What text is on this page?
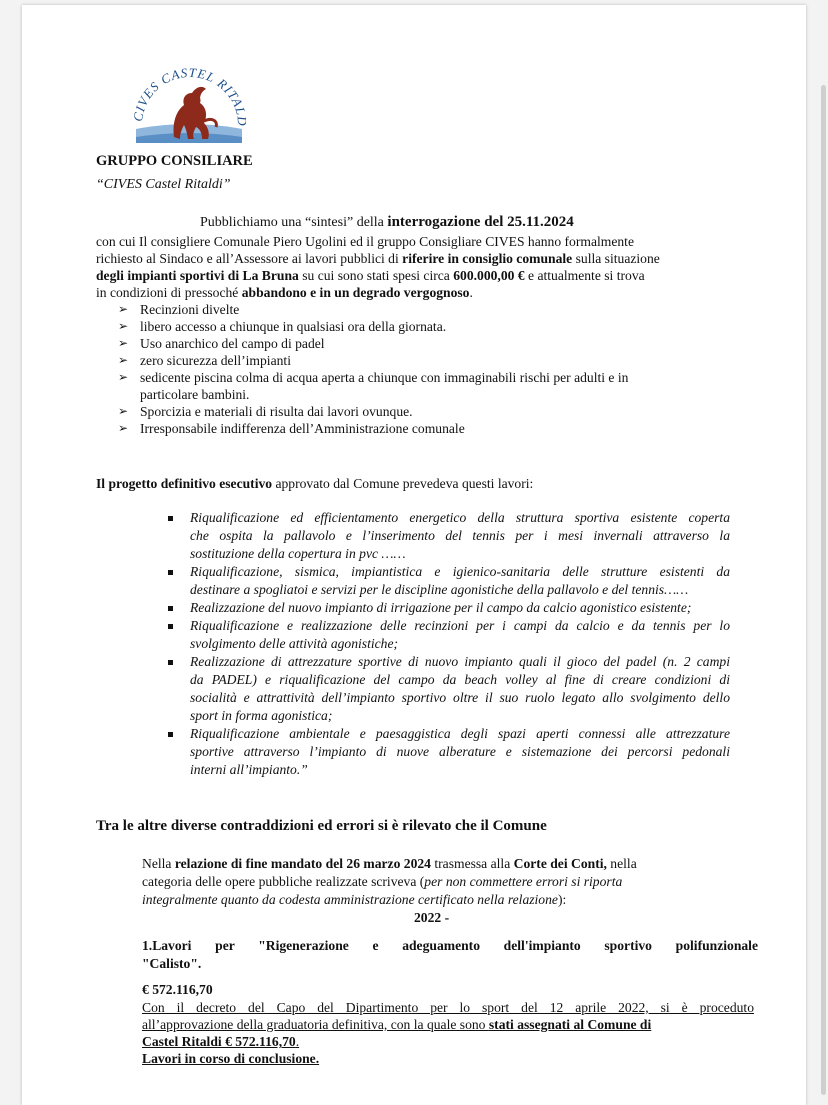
IVES CASTEL RITA
GRUPPO CONSILIARE
“CIVES Castel Ritaldi”
Pubblichiamo una “sintesi” della interrogazione del 25.11.2024
con cui Il consigliere Comunale Piero Ugolini ed il gruppo Consigliare CIVES hanno formalmente
richiesto al Sindaco e all’Assessore ai lavori pubblici di riferire in consiglio comunale sulla situazione
degli impianti sportivi di La Bruna su cui sono stati spesi circa 600.000,00 € e attualmente si trova
in condizioni di pressoché abbandono e in un degrado vergognoso.
➢ Recinzioni divelte
➢ libero accesso a chiunque in qualsiasi ora della giornata.
➢ Uso anarchico del campo di padel
➢ zero sicurezza dell’impianti
➢ sedicente piscina colma di acqua aperta a chiunque con immaginabili rischi per adulti e in
particolare bambini.
➢ Sporcizia e materiali di risulta dai lavori ovunque.
➢ Irresponsabile indifferenza dell’Amministrazione comunale
Il progetto definitivo esecutivo approvato dal Comune prevedeva questi lavori:
Riqualificazione ed efficientamento energetico della struttura sportiva esistente coperta
che ospita la pallavolo e l’inserimento del tennis per i mesi invernali attraverso la
sostituzione della copertura in pvc ……
Riqualificazione, sismica, impiantistica e igienico-sanitaria delle strutture esistenti da
destinare a spogliatoi e servizi per le discipline agonistiche della pallavolo e del tennis……
Realizzazione del nuovo impianto di irrigazione per il campo da calcio agonistico esistente;
Riqualificazione e realizzazione delle recinzioni per i campi da calcio e da tennis per lo
svolgimento delle attività agonistiche;
Realizzazione di attrezzature sportive di nuovo impianto quali il gioco del padel (n. 2 campi
da PADEL) e riqualificazione del campo da beach volley al fine di creare condizioni di
socialità e attrattività dell’impianto sportivo oltre il suo ruolo legato allo svolgimento dello
sport in forma agonistica;
Riqualificazione ambientale e paesaggistica degli spazi aperti connessi alle attrezzature
sportive attraverso l’impianto di nuove alberature e sistemazione dei percorsi pedonali
interni all’impianto.”
Tra le altre diverse contraddizioni ed errori si è rilevato che il Comune
Nella relazione di fine mandato del 26 marzo 2024 trasmessa alla Corte dei Conti, nella
categoria delle opere pubbliche realizzate scriveva (per non commettere errori si riporta
integralmente quanto da codesta amministrazione certificato nella relazione):
2022 -
1.Lavori per "Rigenerazione e adeguamento dell'impianto sportivo polifunzionale
"Calisto".
€ 572.116,70
Con il decreto del Capo del Dipartimento per lo sport del 12 aprile 2022, si è proceduto
all’approvazione della graduatoria definitiva, con la quale sono stati assegnati al Comune di
Castel Ritaldi € 572.116,70.
Lavori in corso di conclusione.
